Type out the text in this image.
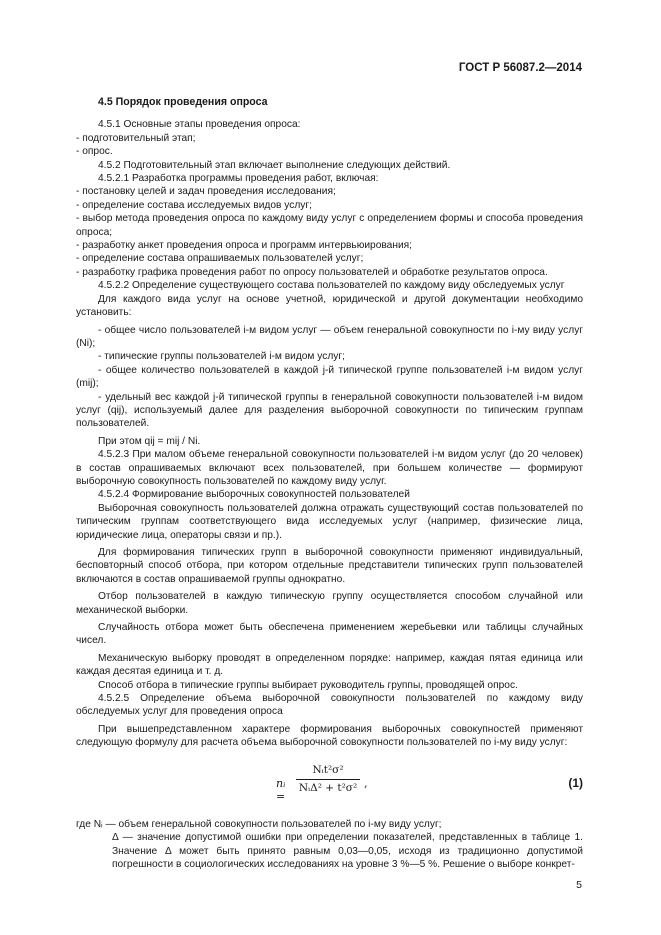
ГОСТ Р 56087.2—2014

4.5 Порядок проведения опроса

4.5.1 Основные этапы проведения опроса:

- подготовительный этап;

- опрос.

4.5.2 Подготовительный этап включает выполнение следующих действий.

4.5.2.1 Разработка программы проведения работ, включая:

- постановку целей и задач проведения исследования;

- определение состава исследуемых видов услуг;

- выбор метода проведения опроса по каждому виду услуг с определением формы и способа проведения опроса;

- разработку анкет проведения опроса и программ интервьюирования;

- определение состава опрашиваемых пользователей услуг;

- разработку графика проведения работ по опросу пользователей и обработке результатов опроса.

4.5.2.2 Определение существующего состава пользователей по каждому виду обследуемых услуг

Для каждого вида услуг на основе учетной, юридической и другой документации необходимо установить:

- общее число пользователей i-м видом услуг — объем генеральной совокупности по i-му виду услуг (Ni);

- типические группы пользователей i-м видом услуг;

- общее количество пользователей в каждой j-й типической группе пользователей i-м видом услуг (mij);

- удельный вес каждой j-й типической группы в генеральной совокупности пользователей i-м видом услуг (qij), используемый далее для разделения выборочной совокупности по типическим группам пользователей.

При этом qij = mij / Ni.

4.5.2.3 При малом объеме генеральной совокупности пользователей i-м видом услуг (до 20 человек) в состав опрашиваемых включают всех пользователей, при большем количестве — формируют выборочную совокупность пользователей по каждому виду услуг.

4.5.2.4 Формирование выборочных совокупностей пользователей

Выборочная совокупность пользователей должна отражать существующий состав пользователей по типическим группам соответствующего вида исследуемых услуг (например, физические лица, юридические лица, операторы связи и пр.).

Для формирования типических групп в выборочной совокупности применяют индивидуальный, бесповторный способ отбора, при котором отдельные представители типических групп пользователей включаются в состав опрашиваемой группы однократно.

Отбор пользователей в каждую типическую группу осуществляется способом случайной или механической выборки.

Случайность отбора может быть обеспечена применением жеребьевки или таблицы случайных чисел.

Механическую выборку проводят в определенном порядке: например, каждая пятая единица или каждая десятая единица и т. д.

Способ отбора в типические группы выбирает руководитель группы, проводящей опрос.

4.5.2.5 Определение объема выборочной совокупности пользователей по каждому виду обследуемых услуг для проведения опроса

При вышепредставленном характере формирования выборочных совокупностей применяют следующую формулу для расчета объема выборочной совокупности пользователей по i-му виду услуг:

nᵢ =
Nᵢt²σ²
NᵢΔ² + t²σ² ,	(1)

где Nᵢ — объем генеральной совокупности пользователей по i-му виду услуг;

Δ — значение допустимой ошибки при определении показателей, представленных в таблице 1. Значение Δ может быть принято равным 0,03—0,05, исходя из традиционно допустимой погрешности в социологических исследованиях на уровне 3 %—5 %. Решение о выборе конкрет-

5
